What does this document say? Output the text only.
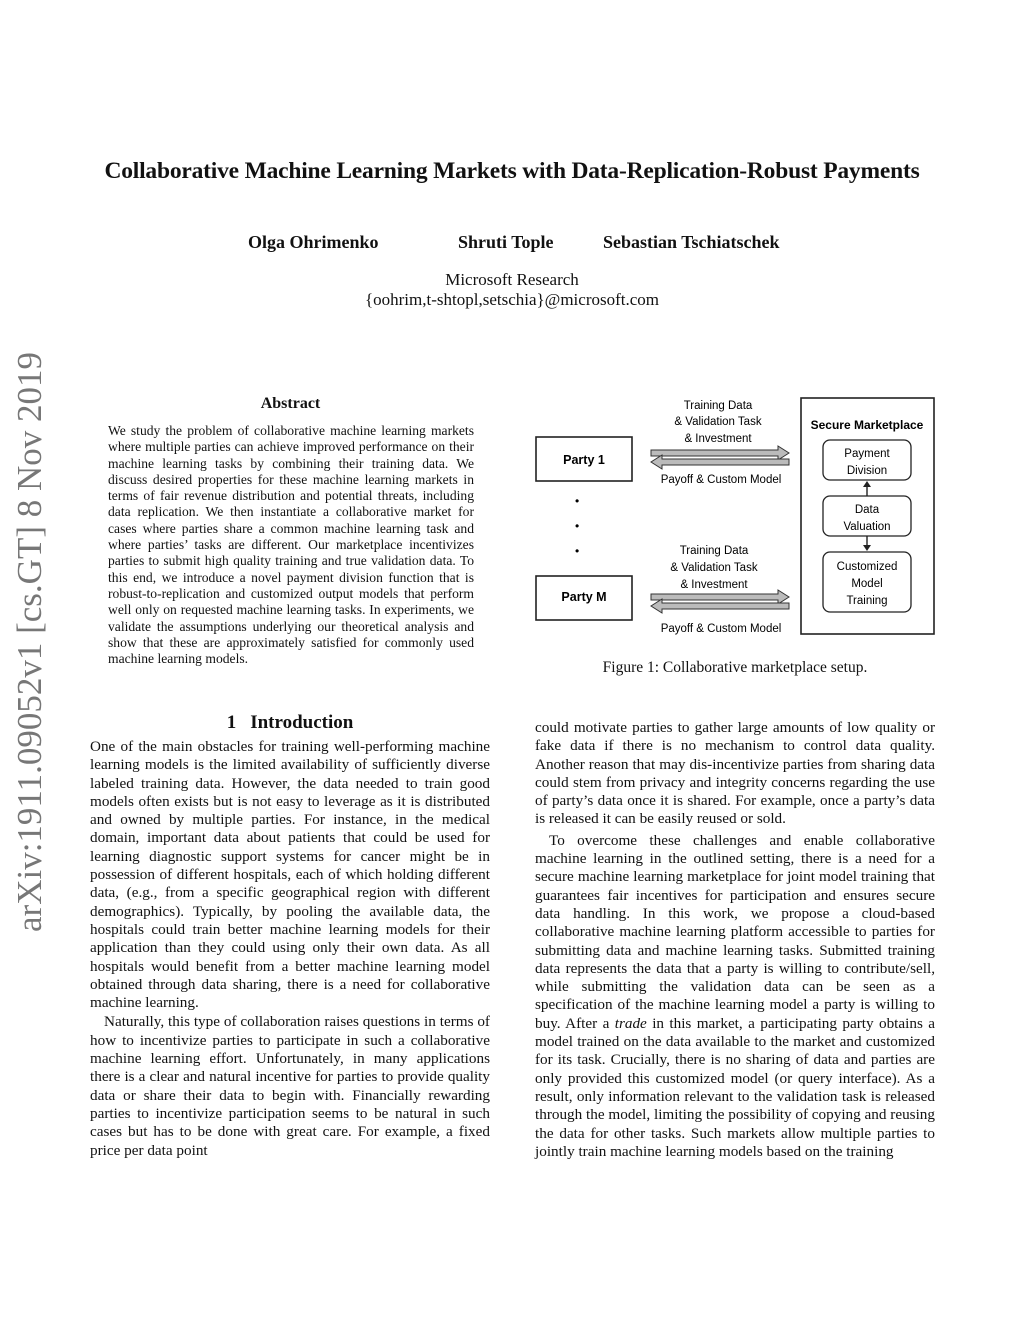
Collaborative Machine Learning Markets with Data-Replication-Robust Payments
Olga Ohrimenko	Shruti Tople	Sebastian Tschiatschek
Microsoft Research
{oohrim,t-shtopl,setschia}@microsoft.com
arXiv:1911.09052v1 [cs.GT] 8 Nov 2019	Abstract
We study the problem of collaborative machine learning markets where multiple parties can achieve improved performance on their machine learning tasks by combining their training data. We discuss desired properties for these machine learning markets in terms of fair revenue distribution and potential threats, including data replication. We then instantiate a collaborative market for cases where parties share a common machine learning task and where parties’ tasks are different. Our marketplace incentivizes parties to submit high quality training and true validation data. To this end, we introduce a novel payment division function that is robust-to-replication and customized output models that perform well only on requested machine learning tasks. In experiments, we validate the assumptions underlying our theoretical analysis and show that these are approximately satisfied for commonly used machine learning models.
1 Introduction

One of the main obstacles for training well-performing machine learning models is the limited availability of sufficiently diverse labeled training data. However, the data needed to train good models often exists but is not easy to leverage as it is distributed and owned by multiple parties. For instance, in the medical domain, important data about patients that could be used for learning diagnostic support systems for cancer might be in possession of different hospitals, each of which holding different data, (e.g., from a specific geographical region with different demographics). Typically, by pooling the available data, the hospitals could train better machine learning models for their application than they could using only their own data. As all hospitals would benefit from a better machine learning model obtained through data sharing, there is a need for collaborative machine learning.

Naturally, this type of collaboration raises questions in terms of how to incentivize parties to participate in such a collaborative machine learning effort. Unfortunately, in many applications there is a clear and natural incentive for parties to provide quality data or share their data to begin with. Financially rewarding parties to incentivize participation seems to be natural in such cases but has to be done with great care. For example, a fixed price per data point

could motivate parties to gather large amounts of low quality or fake data if there is no mechanism to control data quality. Another reason that may dis-incentivize parties from sharing data could stem from privacy and integrity concerns regarding the use of party’s data once it is shared. For example, once a party’s data is released it can be easily reused or sold.

To overcome these challenges and enable collaborative machine learning in the outlined setting, there is a need for a secure machine learning marketplace for joint model training that guarantees fair incentives for participation and ensures secure data handling. In this work, we propose a cloud-based collaborative machine learning platform accessible to parties for submitting data and machine learning tasks. Submitted training data represents the data that a party is willing to contribute/sell, while submitting the validation data can be seen as a specification of the machine learning model a party is willing to buy. After a trade in this market, a participating party obtains a model trained on the data available to the market and customized for its task. Crucially, there is no sharing of data and parties are only provided this customized model (or query interface). As a result, only information relevant to the validation task is released through the model, limiting the possibility of copying and reusing the data for other tasks. Such markets allow multiple parties to jointly train machine learning models based on the training

Party 1
Party M
•
•
•
Training Data
& Validation Task
& Investment
Payoff & Custom Model
Training Data
& Validation Task
& Investment
Payoff & Custom Model
Secure Marketplace
Payment
Division
Data
Valuation
Customized
Model
Training
Figure 1: Collaborative marketplace setup.
